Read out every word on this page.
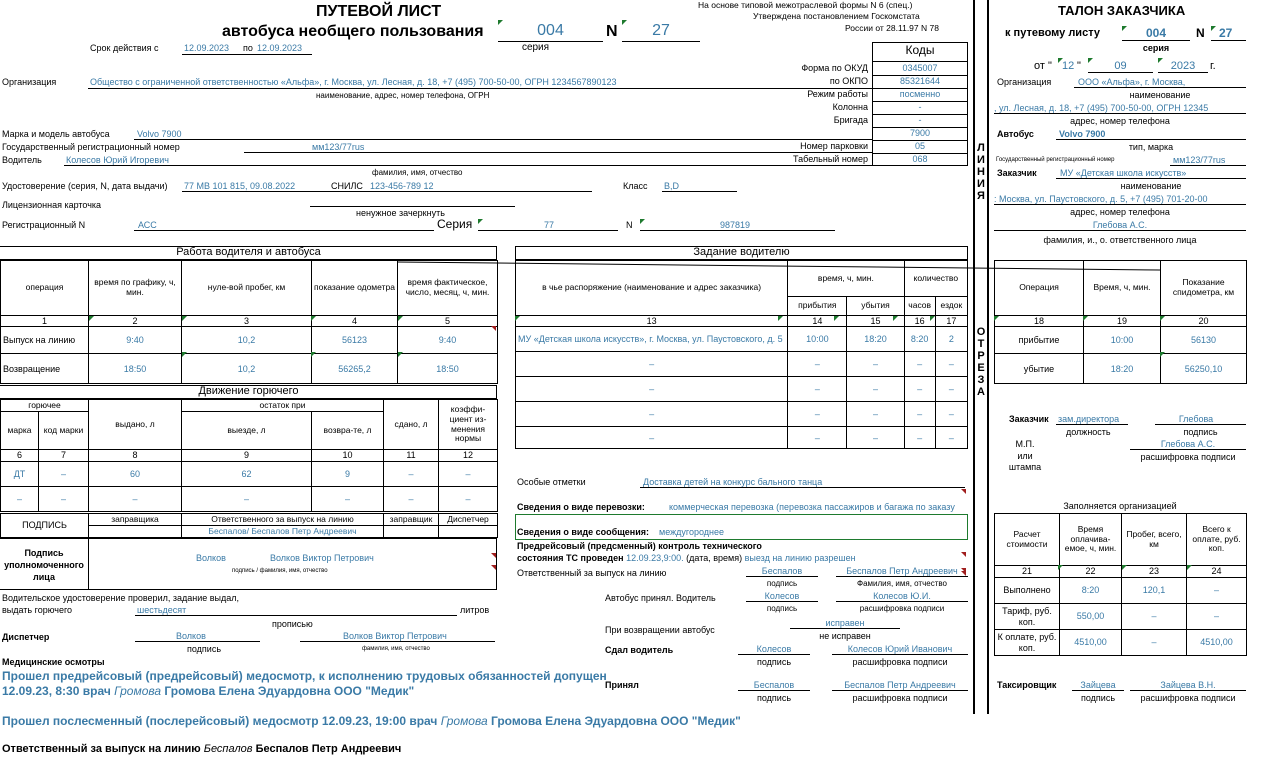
На основе типовой межотраслевой формы N 6 (спец.)
Утверждена постановлением Госкомстата
России от 28.11.97 N 78
ПУТЕВОЙ ЛИСТ
автобуса необщего пользования	004
серия
N	27
Срок действия с	12.09.2023 по 12.09.2023	Коды
Форма по ОКУД	0345007
по ОКПО	85321644
Режим работы	посменно
Колонна	-
Бригада	-
7900
Номер парковки	05
Табельный номер	068
Организация	Общество с ограниченной ответственностью «Альфа», г. Москва, ул. Лесная, д. 18, +7 (495) 700-50-00, ОГРН 1234567890123
наименование, адрес, номер телефона, ОГРН
Марка и модель автобуса	Volvo 7900
Государственный регистрационный номер	мм123/77rus
Водитель	Колесов Юрий Игоревич
фамилия, имя, отчество
Удостоверение (серия, N, дата выдачи) 77 МВ 101 815, 09.08.2022	СНИЛС 123-456-789 12	Класс B,D
Лицензионная карточка
ненужное зачеркнуть
Регистрационный N	АСС	Серия	77	N	987819
Работа водителя и автобуса
операция	время по графику, ч, мин.	нуле-вой пробег, км	показание одометра	время фактическое, число, месяц, ч, мин.
1	2	3	4	5
Выпуск на линию	9:40	10,2	56123	9:40
Возвращение	18:50	10,2	56265,2	18:50
Движение горючего
горючее		выдано, л	остаток при		сдано, л	коэффи-циент из-менения нормы
марка	код марки		выезде, л	возвра-те, л		
6	7	8	9	10	11	12
ДТ	–	60	62	9	–	–
–	–	–	–	–	–	–
ПОДПИСЬ	заправщика	Ответственного за выпуск на линию	заправщик	Диспетчер
		Беспалов/ Беспалов Петр Андреевич		
Подпись уполномоченного лица
Волков	Волков Виктор Петрович
подпись / фамилия, имя, отчество
Водительское удостоверение проверил, задание выдал,
выдать горючего	шестьдесят	литров
прописью
Диспетчер	Волков	Волков Виктор Петрович
подпись	фамилия, имя, отчество
Медицинские осмотры
Прошел предрейсовый (предрейсовый) медосмотр, к исполнению трудовых обязанностей допущен
12.09.23, 8:30 врач Громова Громова Елена Эдуардовна ООО "Медик"
Прошел послесменный (послерейсовый) медосмотр 12.09.23, 19:00 врач Громова Громова Елена Эдуардовна ООО "Медик"
Ответственный за выпуск на линию Беспалов Беспалов Петр Андреевич
Задание водителю
в чье распоряжение (наименование и адрес заказчика)	время, ч, мин.		количество	
	прибытия	убытия	часов	ездок
13	14	15	16	17
МУ «Детская школа искусств», г. Москва, ул. Паустовского, д. 5	10:00	18:20	8:20	2
–	–	–	–	–
–	–	–	–	–
–	–	–	–	–
–	–	–	–	–
Особые отметки	Доставка детей на конкурс бального танца
Сведения о виде перевозки:	коммерческая перевозка (перевозка пассажиров и багажа по заказу
Сведения о виде сообщения: междугороднее
Предрейсовый (предсменный) контроль технического
состояния ТС проведен 12.09.23,9:00. (дата, время) выезд на линию разрешен
Ответственный за выпуск на линию	Беспалов	Беспалов Петр Андреевич
подпись	Фамилия, имя, отчество
Автобус принял. Водитель	Колесов	Колесов Ю.И.
подпись	расшифровка подписи
При возвращении автобус
исправен
не исправен
Сдал водитель	Колесов	Колесов Юрий Иванович
подпись	расшифровка подписи
Принял	Беспалов	Беспалов Петр Андреевич
подпись	расшифровка подписи
Л
И
Н
И
Я
О
Т
Р
Е
З
А
ТАЛОН ЗАКАЗЧИКА
к путевому листу	004
серия
N 27
от " 12 "	09	2023	г.
Организация	ООО «Альфа», г. Москва,
наименование
, ул. Лесная, д. 18, +7 (495) 700-50-00, ОГРН 12345
адрес, номер телефона
Автобус	Volvo 7900
тип, марка
Государственный регистрационный номер	мм123/77rus
Заказчик	МУ «Детская школа искусств»
наименование
: Москва, ул. Паустовского, д. 5, +7 (495) 701-20-00
адрес, номер телефона
Глебова А.С.
фамилия, и., о. ответственного лица
Операция	Время, ч, мин.	Показание спидометра, км
18	19	20
прибытие	10:00	56130
убытие	18:20	56250,10
Заказчик зам.директора
должность
Глебова
подпись
М.П.
или
штампа
Глебова А.С.
расшифровка подписи
Заполняется организацией
Расчет стоимости	Время оплачива-емое, ч, мин.	Пробег, всего, км	Всего к оплате, руб. коп.
21	22	23	24
Выполнено	8:20	120,1	–
Тариф, руб. коп.	550,00	–	–
К оплате, руб. коп.	4510,00	–	4510,00
Таксировщик	Зайцева
подпись
Зайцева В.Н.
расшифровка подписи
